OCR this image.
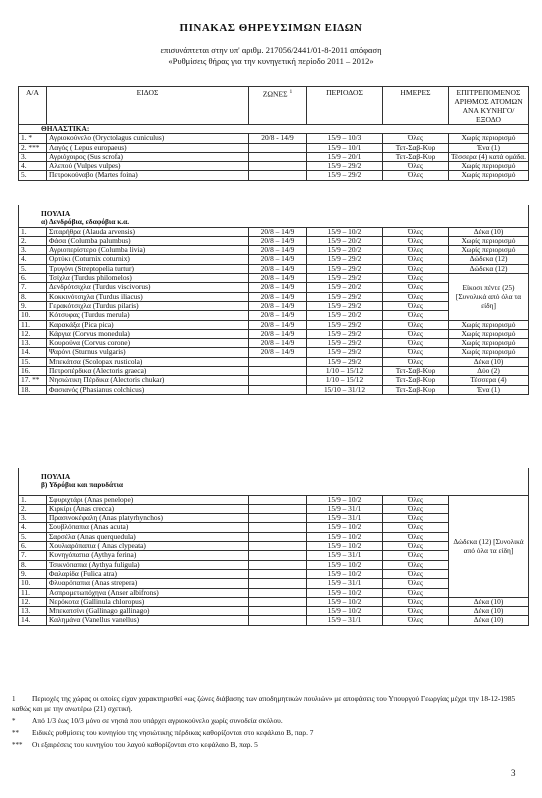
ΠΙΝΑΚΑΣ ΘΗΡΕΥΣΙΜΩΝ ΕΙΔΩΝ
επισυνάπτεται στην υπ' αριθμ. 217056/2441/01-8-2011 απόφαση
«Ρυθμίσεις θήρας για την κυνηγετική περίοδο 2011 – 2012»
Α/Α	ΕΙΔΟΣ	ΖΩΝΕΣ $^1$	ΠΕΡΙΟΔΟΣ	ΗΜΕΡΕΣ	ΕΠΙΤΡΕΠΟΜΕΝΟΣ ΑΡΙΘΜΟΣ ΑΤΟΜΩΝ ΑΝΑ ΚΥΝΗΓΟ/ΕΞΟΔΟ

ΘΗΛΑΣΤΙΚΑ:					
1. *	Αγριοκούνελο (Oryctolagus cuniculus)	20/8 - 14/9	15/9 – 10/3	Όλες	Χωρίς περιορισμό
2. ***	Λαγός ( Lepus europaeus)		15/9 – 10/1	Τετ-Σαβ-Κυρ	Ένα (1)
3.	Αγριόχοιρος (Sus scrofa)		15/9 – 20/1	Τετ-Σαβ-Κυρ	Τέσσερα (4) κατά ομάδα.
4.	Αλεπού (Vulpes vulpes)		15/9 – 29/2	Όλες	Χωρίς περιορισμό
5.	Πετροκούναβο (Martes foina)		15/9 – 29/2	Όλες	Χωρίς περιορισμό

ΠΟΥΛΙΑ					
α) Δενδρόβια, εδαφόβια κ.α.					
1.	Σιταρήθρα (Alauda arvensis)	20/8 – 14/9	15/9 – 10/2	Όλες	Δέκα (10)
2.	Φάσα (Columba palumbus)	20/8 – 14/9	15/9 – 20/2	Όλες	Χωρίς περιορισμό
3.	Αγριοπερίστερο (Columba livia)	20/8 – 14/9	15/9 – 20/2	Όλες	Χωρίς περιορισμό
4.	Ορτύκι (Coturnix coturnix)	20/8 – 14/9	15/9 – 29/2	Όλες	Δώδεκα (12)
5.	Τρυγόνι (Streptopelia turtur)	20/8 – 14/9	15/9 – 29/2	Όλες	Δώδεκα (12)
6.	Τσίχλα (Turdus philomelos)	20/8 – 14/9	15/9 – 29/2	Όλες	Είκοσι πέντε (25) [Συνολικά από όλα τα είδη]
7.	Δενδρότσιχλα (Turdus viscivorus)	20/8 – 14/9	15/9 – 20/2	Όλες	
8.	Κοκκινότσιχλα (Turdus iliacus)	20/8 – 14/9	15/9 – 29/2	Όλες	
9.	Γερακότσιχλα (Turdus pilaris)	20/8 – 14/9	15/9 – 29/2	Όλες	
10.	Κότσυφας (Turdus merula)	20/8 – 14/9	15/9 – 20/2	Όλες	
11.	Καρακάξα (Pica pica)	20/8 – 14/9	15/9 – 29/2	Όλες	Χωρίς περιορισμό
12.	Κάργια (Corvus monedula)	20/8 – 14/9	15/9 – 29/2	Όλες	Χωρίς περιορισμό
13.	Κουρούνα (Corvus corone)	20/8 – 14/9	15/9 – 29/2	Όλες	Χωρίς περιορισμό
14.	Ψαρόνι (Sturnus vulgaris)	20/8 – 14/9	15/9 – 29/2	Όλες	Χωρίς περιορισμό
15.	Μπεκάτσα (Scolopax rusticola)		15/9 – 29/2	Όλες	Δέκα (10)
16.	Πετροπέρδικα (Alectoris graeca)		1/10 – 15/12	Τετ-Σαβ-Κυρ	Δύο (2)
17. **	Νησιώτικη Πέρδικα (Alectoris chukar)		1/10 – 15/12	Τετ-Σαβ-Κυρ	Τέσσερα (4)
18.	Φασιανός (Phasianus colchicus)		15/10 – 31/12	Τετ-Σαβ-Κυρ	Ένα (1)

ΠΟΥΛΙΑ					
β) Υδρόβια και παρυδάτια					

1.	Σφυριχτάρι (Anas penelope)		15/9 – 10/2	Όλες	Δώδεκα (12) [Συνολικά από όλα τα είδη]
2.	Κιρκίρι (Anas crecca)		15/9 – 31/1	Όλες	
3.	Πρασινοκέφαλη (Anas platyrhynchos)		15/9 – 31/1	Όλες	
4.	Σουβλόπαπια (Anas acuta)		15/9 – 10/2	Όλες	
5.	Σαρσέλα (Anas querquedula)		15/9 – 10/2	Όλες	
6.	Χουλιαρόπαπια ( Anas clypeata)		15/9 – 10/2	Όλες	
7.	Κυνηγόπαπια (Aythya ferina)		15/9 – 31/1	Όλες	
8.	Τσικνόπαπια (Aythya fuligula)		15/9 – 10/2	Όλες	
9.	Φαλαρίδα (Fulica atra)		15/9 – 10/2	Όλες	
10.	Φλυαρόπαπια (Anas strepera)		15/9 – 31/1	Όλες	
11.	Ασπρομετωπόχηνα (Anser albifrons)		15/9 – 10/2	Όλες	
12.	Νερόκοτα (Gallinula chloropus)		15/9 – 10/2	Όλες	Δέκα (10)
13.	Μπεκατσίνι (Gallinago gallinago)		15/9 – 10/2	Όλες	Δέκα (10)
14.	Καλημάνα (Vanellus vanellus)		15/9 – 31/1	Όλες	Δέκα (10)
1 Περιοχές της χώρας οι οποίες είχαν χαρακτηρισθεί «ως ζώνες διάβασης των αποδημητικών πουλιών» με αποφάσεις του Υπουργού Γεωργίας μέχρι την 18-12-1985 καθώς και με την ανωτέρω (21) σχετική.
* Από 1/3 έως 10/3 μόνο σε νησιά που υπάρχει αγριοκούνελο χωρίς συνοδεία σκύλου.
** Ειδικές ρυθμίσεις του κυνηγίου της νησιώτικης πέρδικας καθορίζονται στο κεφάλαιο Β, παρ. 7
*** Οι εξαιρέσεις του κυνηγίου του λαγού καθορίζονται στο κεφάλαιο Β, παρ. 5
3
